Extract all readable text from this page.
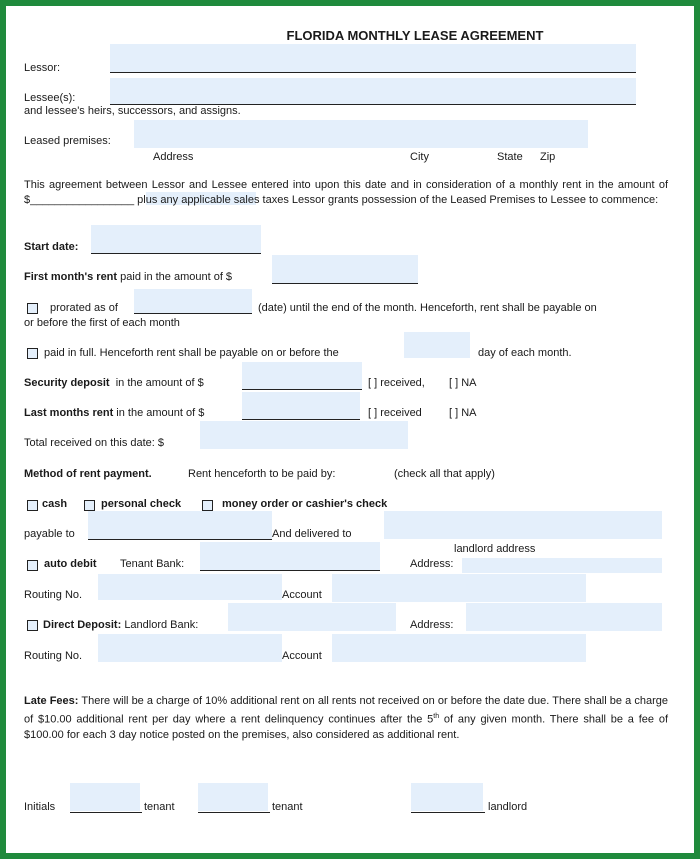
FLORIDA MONTHLY LEASE AGREEMENT
Lessor:
Lessee(s):
and lessee's heirs, successors, and assigns.
Leased premises:
Address	City	State Zip
This agreement between Lessor and Lessee entered into upon this date and in consideration of a monthly rent in the amount of $_________________ plus any applicable sales taxes Lessor grants possession of the Leased Premises to Lessee to commence:
Start date:
First month's rent paid in the amount of $
prorated as of	(date) until the end of the month. Henceforth, rent shall be payable on
or before the first of each month
paid in full. Henceforth rent shall be payable on or before the	day of each month.
Security deposit in the amount of $	[ ] received, [ ] NA
Last months rent in the amount of $	[ ] received [ ] NA
Total received on this date: $
Method of rent payment.	Rent henceforth to be paid by:	(check all that apply)
cash	personal check	money order or cashier's check
payable to	And delivered to
landlord address
auto debit Tenant Bank:	Address:
Routing No.	Account
Direct Deposit: Landlord Bank:	Address:
Routing No.	Account
Late Fees: There will be a charge of 10% additional rent on all rents not received on or before the date due. There shall be a charge of $10.00 additional rent per day where a rent delinquency continues after the 5th of any given month. There shall be a fee of $100.00 for each 3 day notice posted on the premises, also considered as additional rent.
Initials	tenant	tenant	landlord
